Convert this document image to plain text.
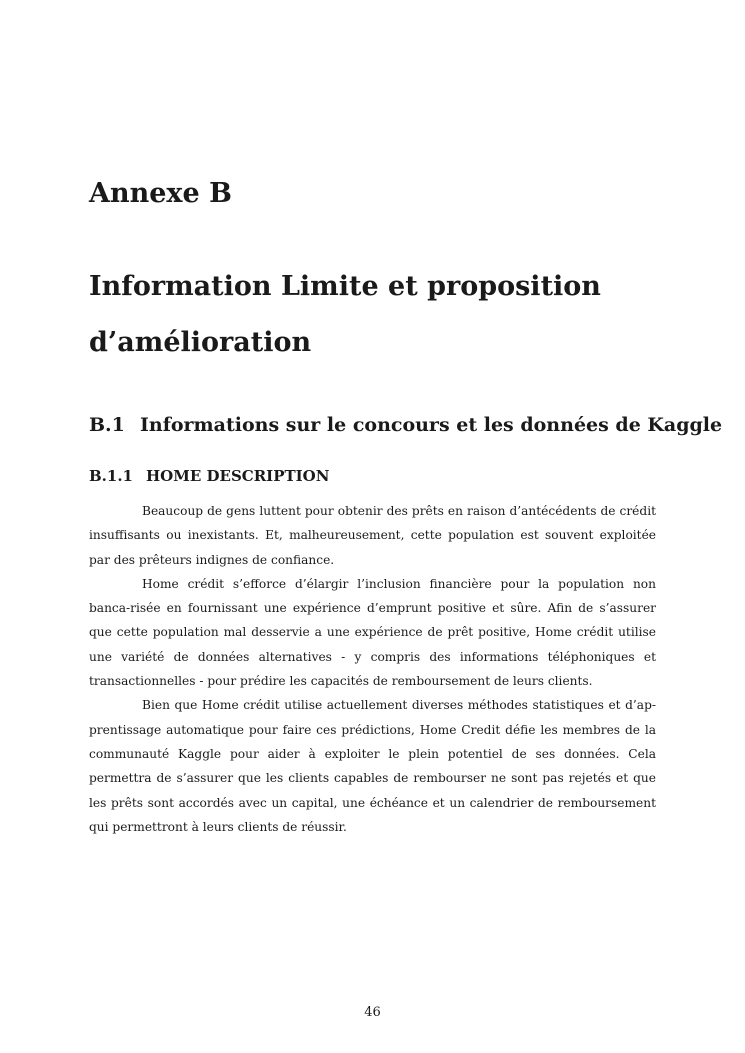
Annexe B
Information Limite et proposition d’amélioration
B.1 Informations sur le concours et les données de Kaggle
B.1.1 HOME DESCRIPTION

Beaucoup de gens luttent pour obtenir des prêts en raison d’antécédents de crédit insuffisants ou inexistants. Et, malheureusement, cette population est souvent exploitée par des prêteurs indignes de confiance.

Home crédit s’efforce d’élargir l’inclusion financière pour la population non banca-risée en fournissant une expérience d’emprunt positive et sûre. Afin de s’assurer que cette population mal desservie a une expérience de prêt positive, Home crédit utilise une variété de données alternatives - y compris des informations téléphoniques et transactionnelles - pour prédire les capacités de remboursement de leurs clients.

Bien que Home crédit utilise actuellement diverses méthodes statistiques et d’ap-prentissage automatique pour faire ces prédictions, Home Credit défie les membres de la communauté Kaggle pour aider à exploiter le plein potentiel de ses données. Cela permettra de s’assurer que les clients capables de rembourser ne sont pas rejetés et que les prêts sont accordés avec un capital, une échéance et un calendrier de remboursement qui permettront à leurs clients de réussir.

46
